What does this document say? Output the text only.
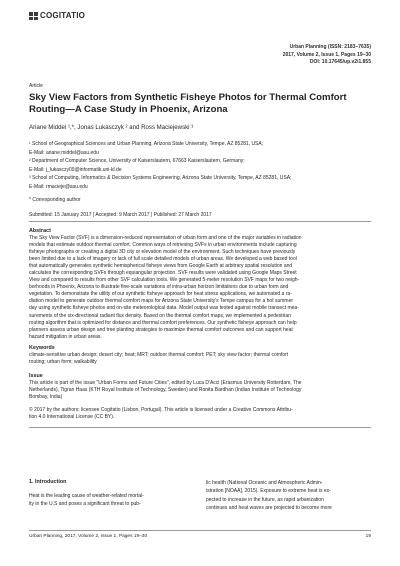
COGITATIO
Urban Planning (ISSN: 2183–7635)
2017, Volume 2, Issue 1, Pages 19–30
DOI: 10.17645/up.v2i1.855
Article
Sky View Factors from Synthetic Fisheye Photos for Thermal Comfort
Routing—A Case Study in Phoenix, Arizona
Ariane Middel ¹,*, Jonas Lukasczyk ² and Ross Maciejewski ³
¹ School of Geographical Sciences and Urban Planning, Arizona State University, Tempe, AZ 85281, USA;
E-Mail: ariane.middel@asu.edu
² Department of Computer Science, University of Kaiserslautern, 67663 Kaiserslautern, Germany;
E-Mail: j_lukasczy09@informatik.uni-kl.de
³ School of Computing, Informatics & Decision Systems Engineering, Arizona State University, Tempe, AZ 85281, USA;
E-Mail: rmacieje@asu.edu
* Corresponding author
Submitted: 15 January 2017 | Accepted: 9 March 2017 | Published: 27 March 2017
Abstract
The Sky View Factor (SVF) is a dimension-reduced representation of urban form and one of the major variables in radiation
models that estimate outdoor thermal comfort. Common ways of retrieving SVFs in urban environments include capturing
fisheye photographs or creating a digital 3D city or elevation model of the environment. Such techniques have previously
been limited due to a lack of imagery or lack of full scale detailed models of urban areas. We developed a web based tool
that automatically generates synthetic hemispherical fisheye views from Google Earth at arbitrary spatial resolution and
calculates the corresponding SVFs through equiangular projection. SVF results were validated using Google Maps Street
View and compared to results from other SVF calculation tools. We generated 5-meter resolution SVF maps for two neigh-
borhoods in Phoenix, Arizona to illustrate fine-scale variations of intra-urban horizon limitations due to urban form and
vegetation. To demonstrate the utility of our synthetic fisheye approach for heat stress applications, we automated a ra-
diation model to generate outdoor thermal comfort maps for Arizona State University's Tempe campus for a hot summer
day using synthetic fisheye photos and on-site meteorological data. Model output was tested against mobile transect mea-
surements of the six-directional radiant flux density. Based on the thermal comfort maps, we implemented a pedestrian
routing algorithm that is optimized for distance and thermal comfort preferences. Our synthetic fisheye approach can help
planners assess urban design and tree planting strategies to maximize thermal comfort outcomes and can support heat
hazard mitigation in urban areas.
Keywords
climate-sensitive urban design; desert city; heat; MRT; outdoor thermal comfort; PET; sky view factor; thermal comfort
routing; urban form; walkability
Issue
This article is part of the issue "Urban Forms and Future Cities", edited by Luca D'Acci (Erasmus University Rotterdam, The
Netherlands), Tigran Haas (KTH Royal Institute of Technology, Sweden) and Ronita Bardhan (Indian Institute of Technology
Bombay, India)
© 2017 by the authors; licensee Cogitatio (Lisbon, Portugal). This article is licensed under a Creative Commons Attribu-
tion 4.0 International License (CC BY).
1. Introduction
Heat is the leading cause of weather-related mortal-
ity in the U.S and poses a significant threat to pub-
lic health (National Oceanic and Atmospheric Admin-
istration [NOAA], 2015). Exposure to extreme heat is ex-
pected to increase in the future, as rapid urbanization
continues and heat waves are projected to become more
Urban Planning, 2017, Volume 2, Issue 1, Pages 19–30	19
